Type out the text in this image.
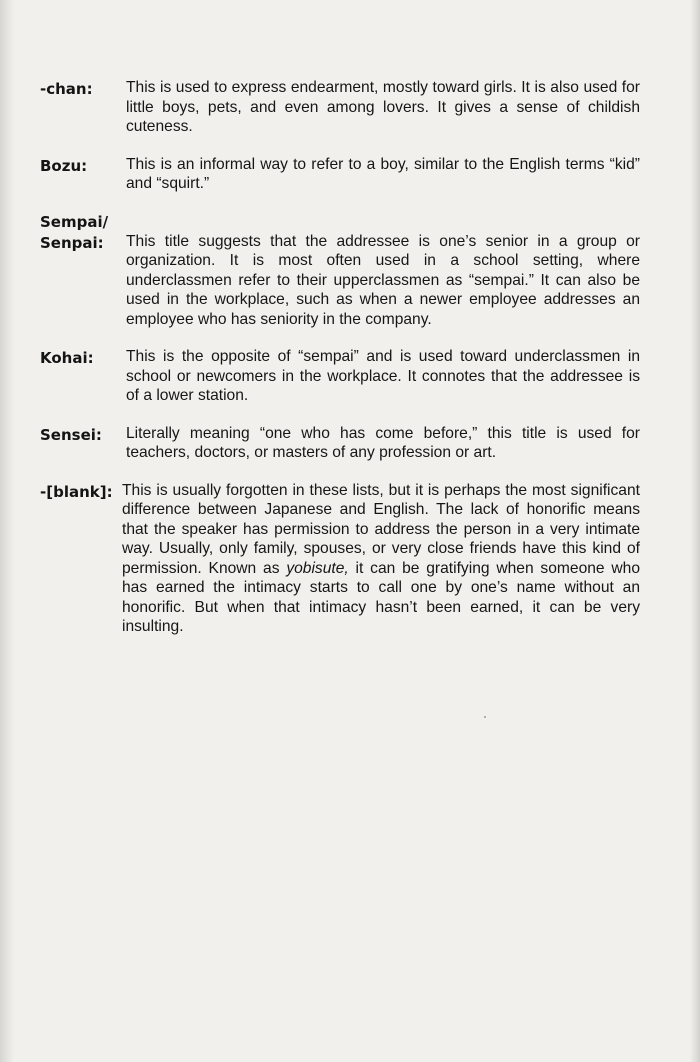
-chan:	This is used to express endearment, mostly toward girls. It is also used for little boys, pets, and even among lovers. It gives a sense of childish cuteness.
Bozu:	This is an informal way to refer to a boy, similar to the English terms “kid” and “squirt.”
Sempai/
Senpai:	This title suggests that the addressee is one’s senior in a group or organization. It is most often used in a school setting, where underclassmen refer to their upperclassmen as “sempai.” It can also be used in the workplace, such as when a newer employee addresses an employee who has seniority in the company.
Kohai:	This is the opposite of “sempai” and is used toward underclassmen in school or newcomers in the workplace. It connotes that the addressee is of a lower station.
Sensei:	Literally meaning “one who has come before,” this title is used for teachers, doctors, or masters of any profession or art.
-[blank]: This is usually forgotten in these lists, but it is perhaps the most significant difference between Japanese and English. The lack of honorific means that the speaker has permission to address the person in a very intimate way. Usually, only family, spouses, or very close friends have this kind of permission. Known as yobisute, it can be gratifying when someone who has earned the intimacy starts to call one by one’s name without an honorific. But when that intimacy hasn’t been earned, it can be very insulting.
